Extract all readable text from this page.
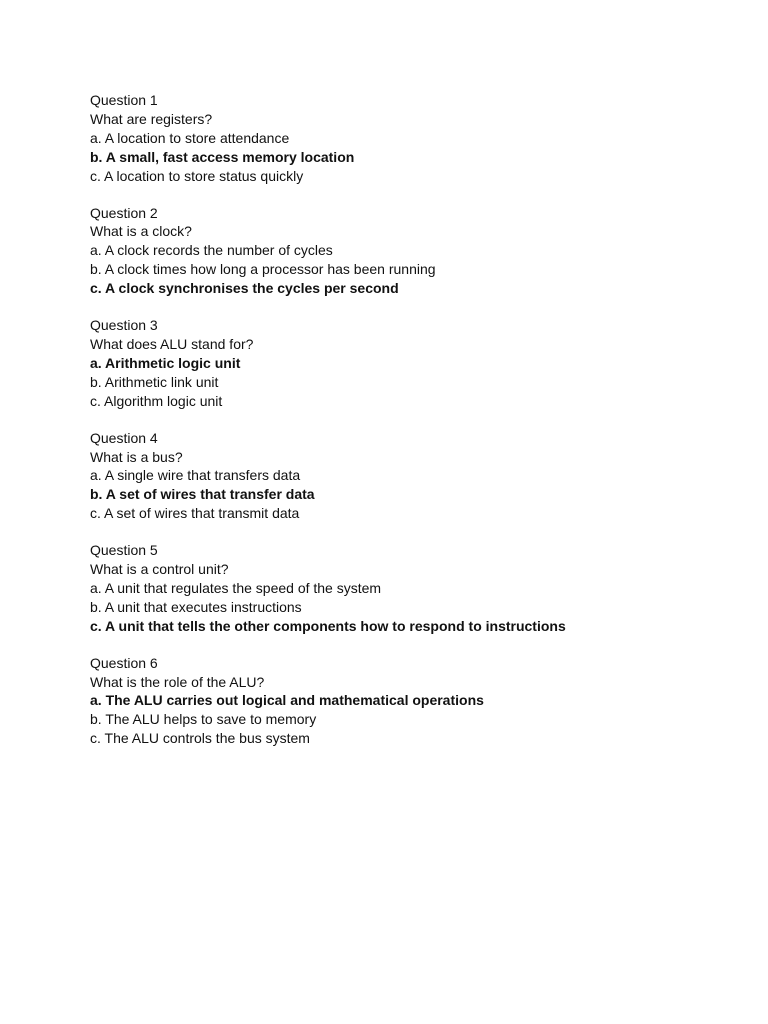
Question 1
What are registers?
a. A location to store attendance
b. A small, fast access memory location
c. A location to store status quickly
Question 2
What is a clock?
a. A clock records the number of cycles
b. A clock times how long a processor has been running
c. A clock synchronises the cycles per second
Question 3
What does ALU stand for?
a. Arithmetic logic unit
b. Arithmetic link unit
c. Algorithm logic unit
Question 4
What is a bus?
a. A single wire that transfers data
b. A set of wires that transfer data
c. A set of wires that transmit data
Question 5
What is a control unit?
a. A unit that regulates the speed of the system
b. A unit that executes instructions
c. A unit that tells the other components how to respond to instructions
Question 6
What is the role of the ALU?
a. The ALU carries out logical and mathematical operations
b. The ALU helps to save to memory
c. The ALU controls the bus system
